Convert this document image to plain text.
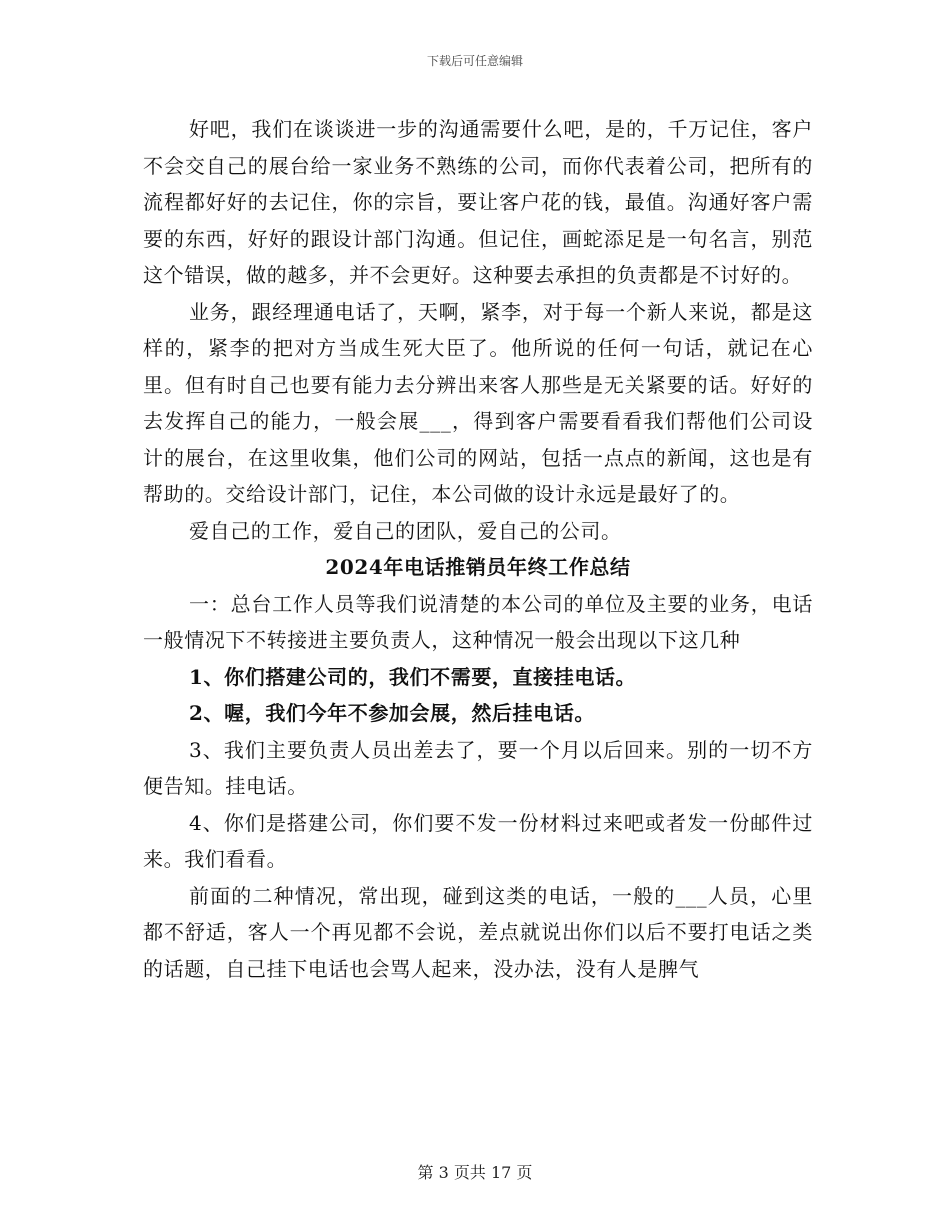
下载后可任意编辑

好吧，我们在谈谈进一步的沟通需要什么吧，是的，千万记住，客户不会交自己的展台给一家业务不熟练的公司，而你代表着公司，把所有的流程都好好的去记住，你的宗旨，要让客户花的钱，最值。沟通好客户需要的东西，好好的跟设计部门沟通。但记住，画蛇添足是一句名言，别范这个错误，做的越多，并不会更好。这种要去承担的负责都是不讨好的。

业务，跟经理通电话了，天啊，紧李，对于每一个新人来说，都是这样的，紧李的把对方当成生死大臣了。他所说的任何一句话，就记在心里。但有时自己也要有能力去分辨出来客人那些是无关紧要的话。好好的去发挥自己的能力，一般会展___，得到客户需要看看我们帮他们公司设计的展台，在这里收集，他们公司的网站，包括一点点的新闻，这也是有帮助的。交给设计部门，记住，本公司做的设计永远是最好了的。

爱自己的工作，爱自己的团队，爱自己的公司。

2024年电话推销员年终工作总结

一：总台工作人员等我们说清楚的本公司的单位及主要的业务，电话一般情况下不转接进主要负责人，这种情况一般会出现以下这几种

1、你们搭建公司的，我们不需要，直接挂电话。

2、喔，我们今年不参加会展，然后挂电话。

3、我们主要负责人员出差去了，要一个月以后回来。别的一切不方便告知。挂电话。

4、你们是搭建公司，你们要不发一份材料过来吧或者发一份邮件过来。我们看看。

前面的二种情况，常出现，碰到这类的电话，一般的___人员，心里都不舒适，客人一个再见都不会说，差点就说出你们以后不要打电话之类的话题，自己挂下电话也会骂人起来，没办法，没有人是脾气

第 3 页共 17 页
